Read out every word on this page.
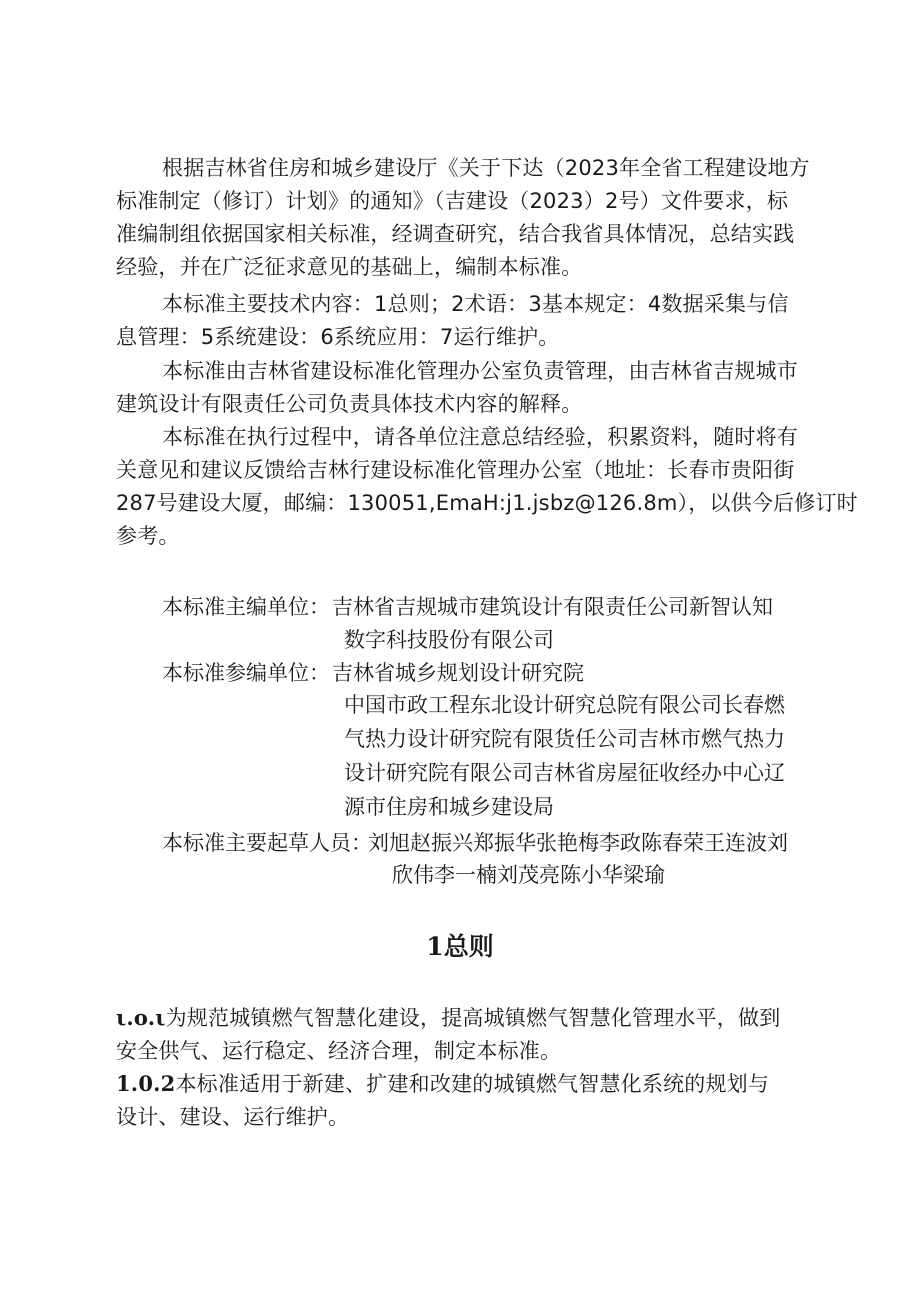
根据吉林省住房和城乡建设厅《关于下达（2023年全省工程建设地方
标准制定（修订）计划》的通知》（吉建设（2023）2号）文件要求，标
准编制组依据国家相关标准，经调查研究，结合我省具体情况，总结实践
经验，并在广泛征求意见的基础上，编制本标准。
本标准主要技术内容：1总则；2术语：3基本规定：4数据采集与信
息管理：5系统建设：6系统应用：7运行维护。
本标准由吉林省建设标准化管理办公室负责管理，由吉林省吉规城市
建筑设计有限责任公司负责具体技术内容的解释。
本标准在执行过程中，请各单位注意总结经验，积累资料，随时将有
关意见和建议反馈给吉林行建设标准化管理办公室（地址：长春市贵阳街
287号建设大厦，邮编：130051,EmaH:j1.jsbz@126.8m），以供今后修订时
参考。
本标准主编单位： 吉林省吉规城市建筑设计有限责任公司新智认知
数字科技股份有限公司
本标准参编单位： 吉林省城乡规划设计研究院
中国市政工程东北设计研究总院有限公司长春燃
气热力设计研究院有限货任公司吉林市燃气热力
设计研究院有限公司吉林省房屋征收经办中心辽
源市住房和城乡建设局
本标准主要起草人员：
刘旭赵振兴郑振华张艳梅李政陈春荣王连波刘
欣伟李一楠刘茂亮陈小华梁瑜
1总则
ι.o.ι为规范城镇燃气智慧化建设，提高城镇燃气智慧化管理水平，做到
安全供气、运行稳定、经济合理，制定本标准。
1.0.2本标准适用于新建、扩建和改建的城镇燃气智慧化系统的规划与
设计、建设、运行维护。
